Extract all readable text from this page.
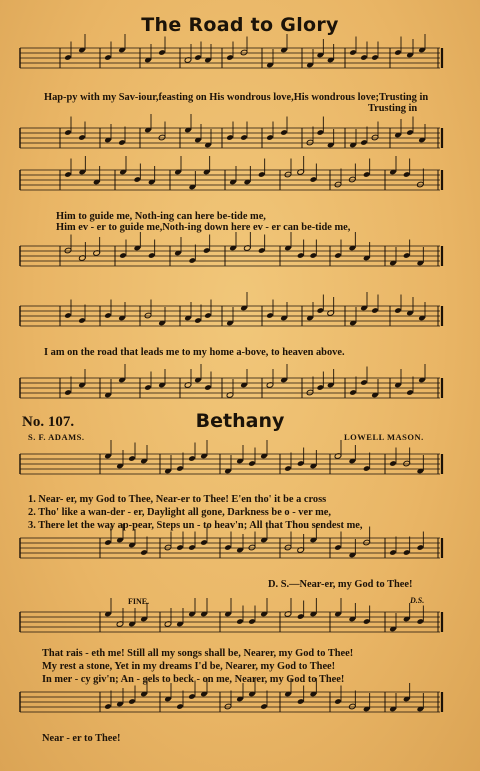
The Road to Glory
Hap-py with my Sav-iour,feasting on His wondrous love,His wondrous love;Trusting in
Trusting in
Him to guide me, Noth-ing can here be-tide me,
Him ev - er to guide me,Noth-ing down here ev - er can be-tide me,
I am on the road that leads me to my home a-bove, to heaven above.
No. 107.	Bethany
S. F. ADAMS.	LOWELL MASON.
1. Near- er, my God to Thee, Near-er to Thee! E'en tho' it be a cross
2. Tho' like a wan-der - er, Daylight all gone, Darkness be o - ver me,
3. There let the way ap-pear, Steps un - to heav'n; All that Thou sendest me,
D. S.—Near-er, my God to Thee!
FINE.	D.S.
That rais - eth me! Still all my songs shall be, Nearer, my God to Thee!
My rest a stone, Yet in my dreams I'd be, Nearer, my God to Thee!
In mer - cy giv'n; An - gels to beck - on me, Nearer, my God to Thee!
Near - er to Thee!
